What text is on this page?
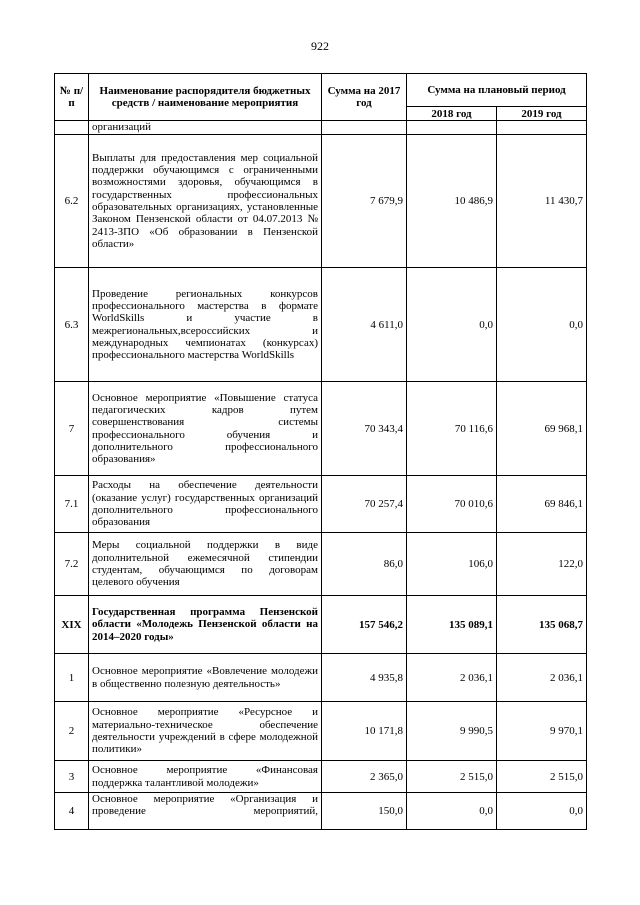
922
№ п/п	Наименование распорядителя бюджетных средств / наименование мероприятия	Сумма на 2017 год	Сумма на плановый период	
			2018 год	2019 год
	организаций			
6.2	Выплаты для предоставления мер социальной поддержки обучающимся с ограниченными возможностями здоровья, обучающимся в государственных профессиональных образовательных организациях, установленные Законом Пензенской области от 04.07.2013 № 2413-ЗПО «Об образовании в Пензенской области»	7 679,9	10 486,9	11 430,7
6.3	Проведение региональных конкурсов профессионального мастерства в формате WorldSkills и участие в межрегиональных,всероссийских и международных чемпионатах (конкурсах) профессионального мастерства WorldSkills	4 611,0	0,0	0,0
7	Основное мероприятие «Повышение статуса педагогических кадров путем совершенствования системы профессионального обучения и дополнительного профессионального образования»	70 343,4	70 116,6	69 968,1
7.1	Расходы на обеспечение деятельности (оказание услуг) государственных организаций дополнительного профессионального образования	70 257,4	70 010,6	69 846,1
7.2	Меры социальной поддержки в виде дополнительной ежемесячной стипендии студентам, обучающимся по договорам целевого обучения	86,0	106,0	122,0
XIX	Государственная программа Пензенской области «Молодежь Пензенской области на 2014–2020 годы»	157 546,2	135 089,1	135 068,7
1	Основное мероприятие «Вовлечение молодежи в общественно полезную деятельность»	4 935,8	2 036,1	2 036,1
2	Основное мероприятие «Ресурсное и материально-техническое обеспечение деятельности учреждений в сфере молодежной политики»	10 171,8	9 990,5	9 970,1
3	Основное мероприятие «Финансовая поддержка талантливой молодежи»	2 365,0	2 515,0	2 515,0
4	Основное мероприятие «Организация и проведение мероприятий,	150,0	0,0	0,0
